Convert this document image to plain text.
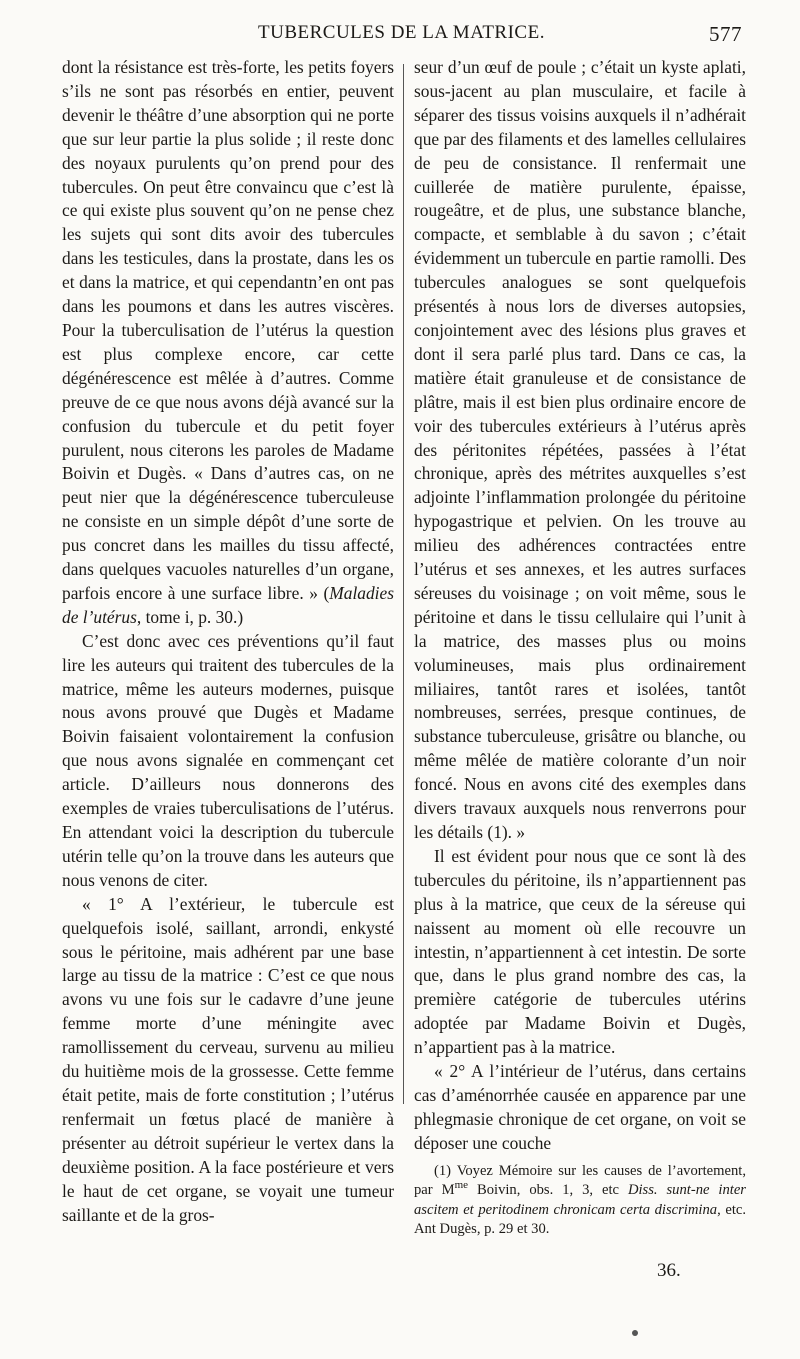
TUBERCULES DE LA MATRICE.	577

dont la résistance est très-forte, les petits foyers s’ils ne sont pas résorbés en entier, peuvent devenir le théâtre d’une absorption qui ne porte que sur leur partie la plus solide ; il reste donc des noyaux purulents qu’on prend pour des tubercules. On peut être convaincu que c’est là ce qui existe plus souvent qu’on ne pense chez les sujets qui sont dits avoir des tubercules dans les testicules, dans la prostate, dans les os et dans la matrice, et qui cependantn’en ont pas dans les poumons et dans les autres viscères. Pour la tuberculisation de l’utérus la question est plus complexe encore, car cette dégénérescence est mêlée à d’autres. Comme preuve de ce que nous avons déjà avancé sur la confusion du tubercule et du petit foyer purulent, nous citerons les paroles de Madame Boivin et Dugès. « Dans d’autres cas, on ne peut nier que la dégénérescence tuberculeuse ne consiste en un simple dépôt d’une sorte de pus concret dans les mailles du tissu affecté, dans quelques vacuoles naturelles d’un organe, parfois encore à une surface libre. » (Maladies de l’utérus, tome i, p. 30.)

C’est donc avec ces préventions qu’il faut lire les auteurs qui traitent des tubercules de la matrice, même les auteurs modernes, puisque nous avons prouvé que Dugès et Madame Boivin faisaient volontairement la confusion que nous avons signalée en commençant cet article. D’ailleurs nous donnerons des exemples de vraies tuberculisations de l’utérus. En attendant voici la description du tubercule utérin telle qu’on la trouve dans les auteurs que nous venons de citer.

« 1° A l’extérieur, le tubercule est quelquefois isolé, saillant, arrondi, enkysté sous le péritoine, mais adhérent par une base large au tissu de la matrice : C’est ce que nous avons vu une fois sur le cadavre d’une jeune femme morte d’une méningite avec ramollissement du cerveau, survenu au milieu du huitième mois de la grossesse. Cette femme était petite, mais de forte constitution ; l’utérus renfermait un fœtus placé de manière à présenter au détroit supérieur le vertex dans la deuxième position. A la face postérieure et vers le haut de cet organe, se voyait une tumeur saillante et de la gros-

seur d’un œuf de poule ; c’était un kyste aplati, sous-jacent au plan musculaire, et facile à séparer des tissus voisins auxquels il n’adhérait que par des filaments et des lamelles cellulaires de peu de consistance. Il renfermait une cuillerée de matière purulente, épaisse, rougeâtre, et de plus, une substance blanche, compacte, et semblable à du savon ; c’était évidemment un tubercule en partie ramolli. Des tubercules analogues se sont quelquefois présentés à nous lors de diverses autopsies, conjointement avec des lésions plus graves et dont il sera parlé plus tard. Dans ce cas, la matière était granuleuse et de consistance de plâtre, mais il est bien plus ordinaire encore de voir des tubercules extérieurs à l’utérus après des péritonites répétées, passées à l’état chronique, après des métrites auxquelles s’est adjointe l’inflammation prolongée du péritoine hypogastrique et pelvien. On les trouve au milieu des adhérences contractées entre l’utérus et ses annexes, et les autres surfaces séreuses du voisinage ; on voit même, sous le péritoine et dans le tissu cellulaire qui l’unit à la matrice, des masses plus ou moins volumineuses, mais plus ordinairement miliaires, tantôt rares et isolées, tantôt nombreuses, serrées, presque continues, de substance tuberculeuse, grisâtre ou blanche, ou même mêlée de matière colorante d’un noir foncé. Nous en avons cité des exemples dans divers travaux auxquels nous renverrons pour les détails (1). »

Il est évident pour nous que ce sont là des tubercules du péritoine, ils n’appartiennent pas plus à la matrice, que ceux de la séreuse qui naissent au moment où elle recouvre un intestin, n’appartiennent à cet intestin. De sorte que, dans le plus grand nombre des cas, la première catégorie de tubercules utérins adoptée par Madame Boivin et Dugès, n’appartient pas à la matrice.

« 2° A l’intérieur de l’utérus, dans certains cas d’aménorrhée causée en apparence par une phlegmasie chronique de cet organe, on voit se déposer une couche

(1) Voyez Mémoire sur les causes de l’avortement, par $M^{me}$ Boivin, obs. 1, 3, etc Diss. sunt-ne inter ascitem et peritodinem chronicam certa discrimina, etc. Ant Dugès, p. 29 et 30.

36.
